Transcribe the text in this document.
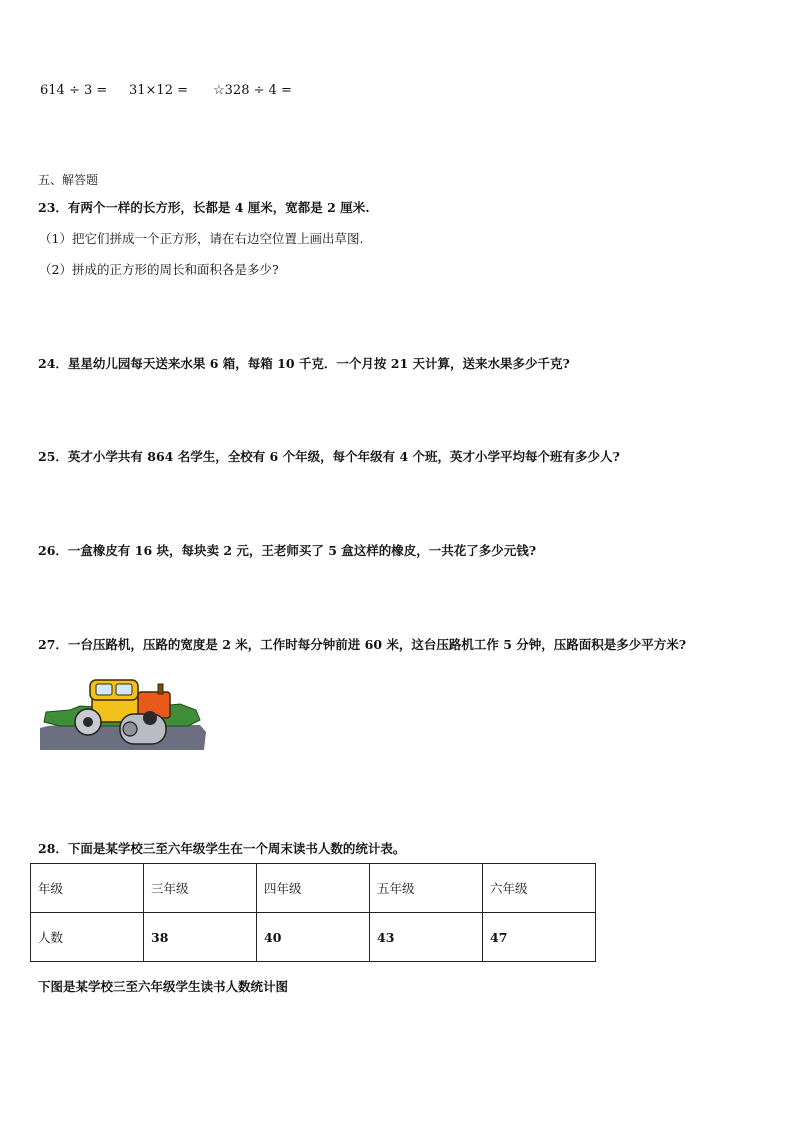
614 ÷ 3 = 31×12 = ☆328 ÷ 4 =
五、解答题
23．有两个一样的长方形，长都是 4 厘米，宽都是 2 厘米.
（1）把它们拼成一个正方形，请在右边空位置上画出草图.
（2）拼成的正方形的周长和面积各是多少?
24．星星幼儿园每天送来水果 6 箱，每箱 10 千克．一个月按 21 天计算，送来水果多少千克?
25．英才小学共有 864 名学生，全校有 6 个年级，每个年级有 4 个班，英才小学平均每个班有多少人?
26．一盒橡皮有 16 块，每块卖 2 元，王老师买了 5 盒这样的橡皮，一共花了多少元钱?
27．一台压路机，压路的宽度是 2 米，工作时每分钟前进 60 米，这台压路机工作 5 分钟，压路面积是多少平方米?
28．下面是某学校三至六年级学生在一个周末读书人数的统计表。
年级	三年级	四年级	五年级	六年级
人数	38	40	43	47
下图是某学校三至六年级学生读书人数统计图
